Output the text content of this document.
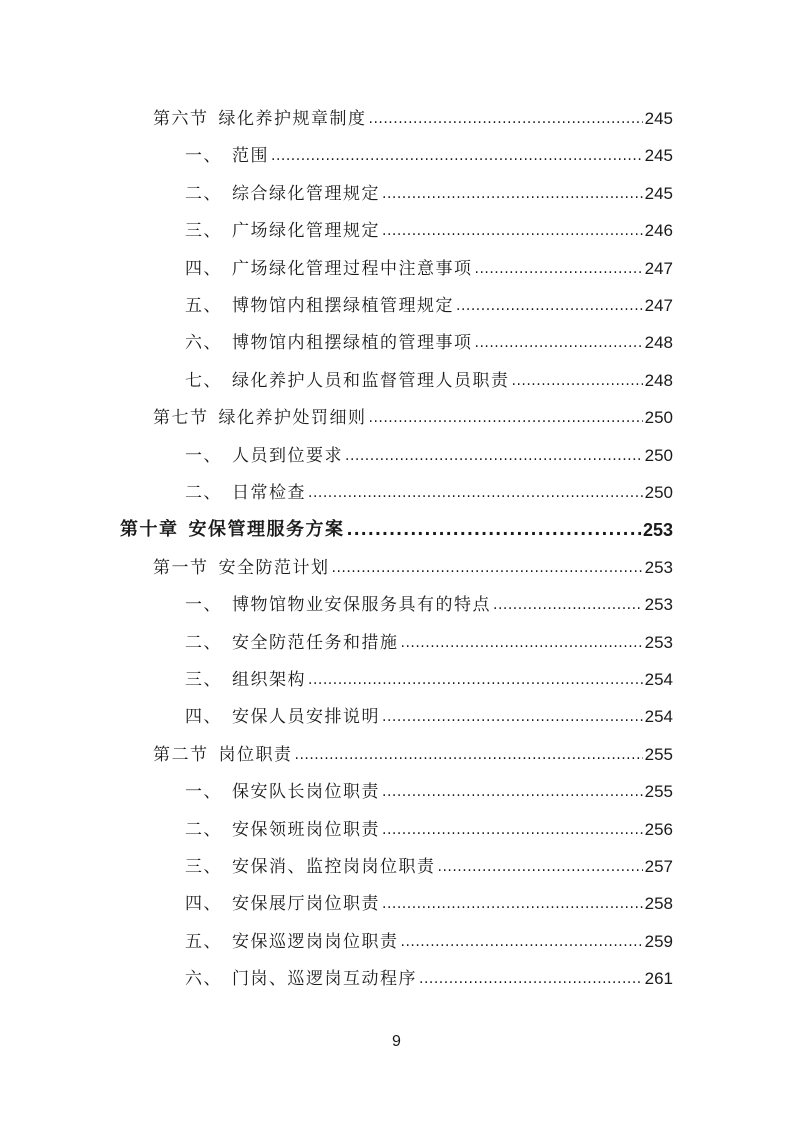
第六节 绿化养护规章制度 .....	245
一、 范围 .....	245
二、 综合绿化管理规定 .....	245
三、 广场绿化管理规定 .....	246
四、 广场绿化管理过程中注意事项 .....	247
五、 博物馆内租摆绿植管理规定 .....	247
六、 博物馆内租摆绿植的管理事项 .....	248
七、 绿化养护人员和监督管理人员职责 .....	248
第七节 绿化养护处罚细则 .....	250
一、 人员到位要求 .....	250
二、 日常检查 .....	250
第十章 安保管理服务方案 .....	253
第一节 安全防范计划 .....	253
一、 博物馆物业安保服务具有的特点 .....	253
二、 安全防范任务和措施 .....	253
三、 组织架构 .....	254
四、 安保人员安排说明 .....	254
第二节 岗位职责 .....	255
一、 保安队长岗位职责 .....	255
二、 安保领班岗位职责 .....	256
三、 安保消、监控岗岗位职责 .....	257
四、 安保展厅岗位职责 .....	258
五、 安保巡逻岗岗位职责 .....	259
六、 门岗、巡逻岗互动程序 .....	261
9
